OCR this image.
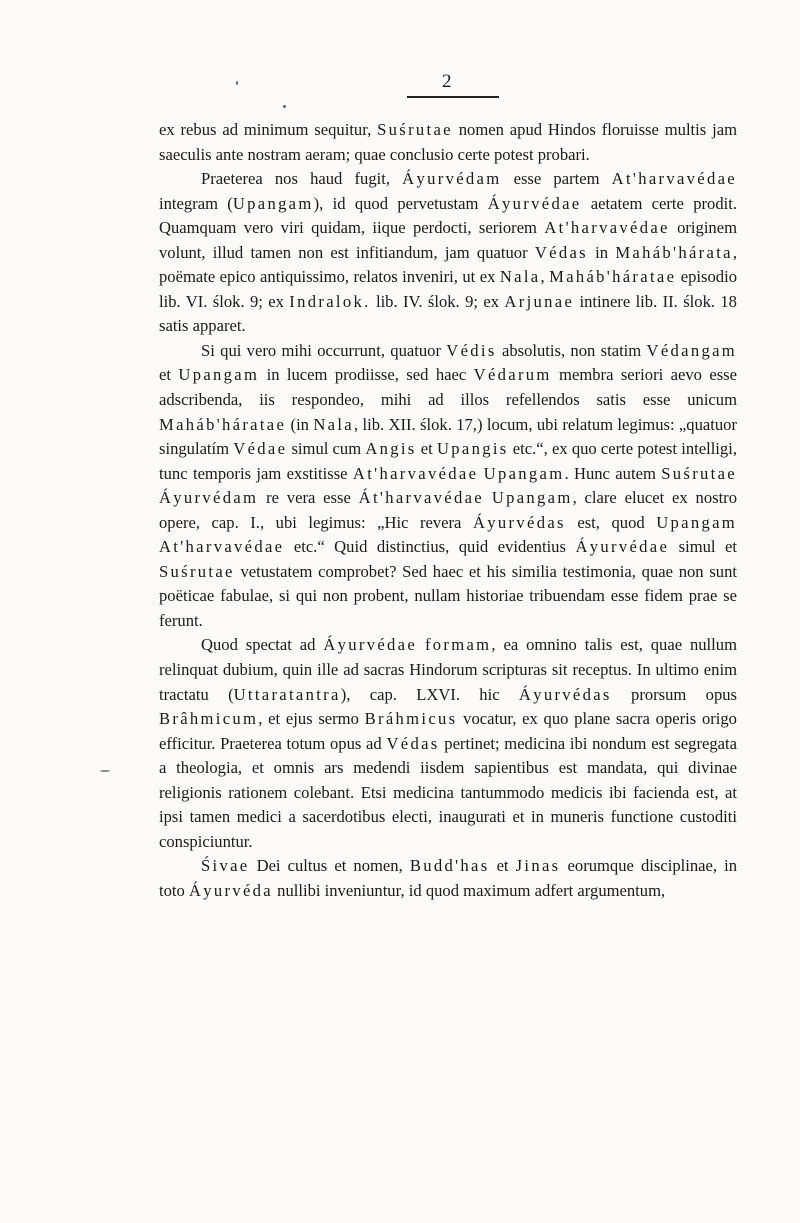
2

ex rebus ad minimum sequitur, Suśrutae nomen apud Hindos floruisse multis jam saeculis ante nostram aeram; quae conclusio certe potest probari.

Praeterea nos haud fugit, Áyurvédam esse partem At'harvavédae integram (Upangam), id quod pervetustam Áyurvédae aetatem certe prodit. Quamquam vero viri quidam, iique perdocti, seriorem At'harvavédae originem volunt, illud tamen non est infitiandum, jam quatuor Védas in Maháb'hárata, poëmate epico antiquissimo, relatos inveniri, ut ex Nala, Maháb'háratae episodio lib. VI. ślok. 9; ex Indralok. lib. IV. ślok. 9; ex Arjunae intinere lib. II. ślok. 18 satis apparet.

Si qui vero mihi occurrunt, quatuor Védis absolutis, non statim Védangam et Upangam in lucem prodiisse, sed haec Védarum membra seriori aevo esse adscribenda, iis respondeo, mihi ad illos refellendos satis esse unicum Maháb'háratae (in Nala, lib. XII. ślok. 17,) locum, ubi relatum legimus: „quatuor singulatím Védae simul cum Angis et Upangis etc.“, ex quo certe potest intelligi, tunc temporis jam exstitisse At'harvavédae Upangam. Hunc autem Suśrutae Áyurvédam re vera esse Át'harvavédae Upangam, clare elucet ex nostro opere, cap. I., ubi legimus: „Hic revera Áyurvédas est, quod Upangam At'harvavédae etc.“ Quid distinctius, quid evidentius Áyurvédae simul et Suśrutae vetustatem comprobet? Sed haec et his similia testimonia, quae non sunt poëticae fabulae, si qui non probent, nullam historiae tribuendam esse fidem prae se ferunt.

Quod spectat ad Áyurvédae formam, ea omnino talis est, quae nullum relinquat dubium, quin ille ad sacras Hindorum scripturas sit receptus. In ultimo enim tractatu (Uttaratantra), cap. LXVI. hic Áyurvédas prorsum opus Brâhmicum, et ejus sermo Bráhmicus vocatur, ex quo plane sacra operis origo efficitur. Praeterea totum opus ad Védas pertinet; medicina ibi nondum est segregata a theologia, et omnis ars medendi iisdem sapientibus est mandata, qui divinae religionis rationem colebant. Etsi medicina tantummodo medicis ibi facienda est, at ipsi tamen medici a sacerdotibus electi, inaugurati et in muneris functione custoditi conspiciuntur.

Śivae Dei cultus et nomen, Budd'has et Jinas eorumque disciplinae, in toto Áyurvéda nullibi inveniuntur, id quod maximum adfert argumentum,
